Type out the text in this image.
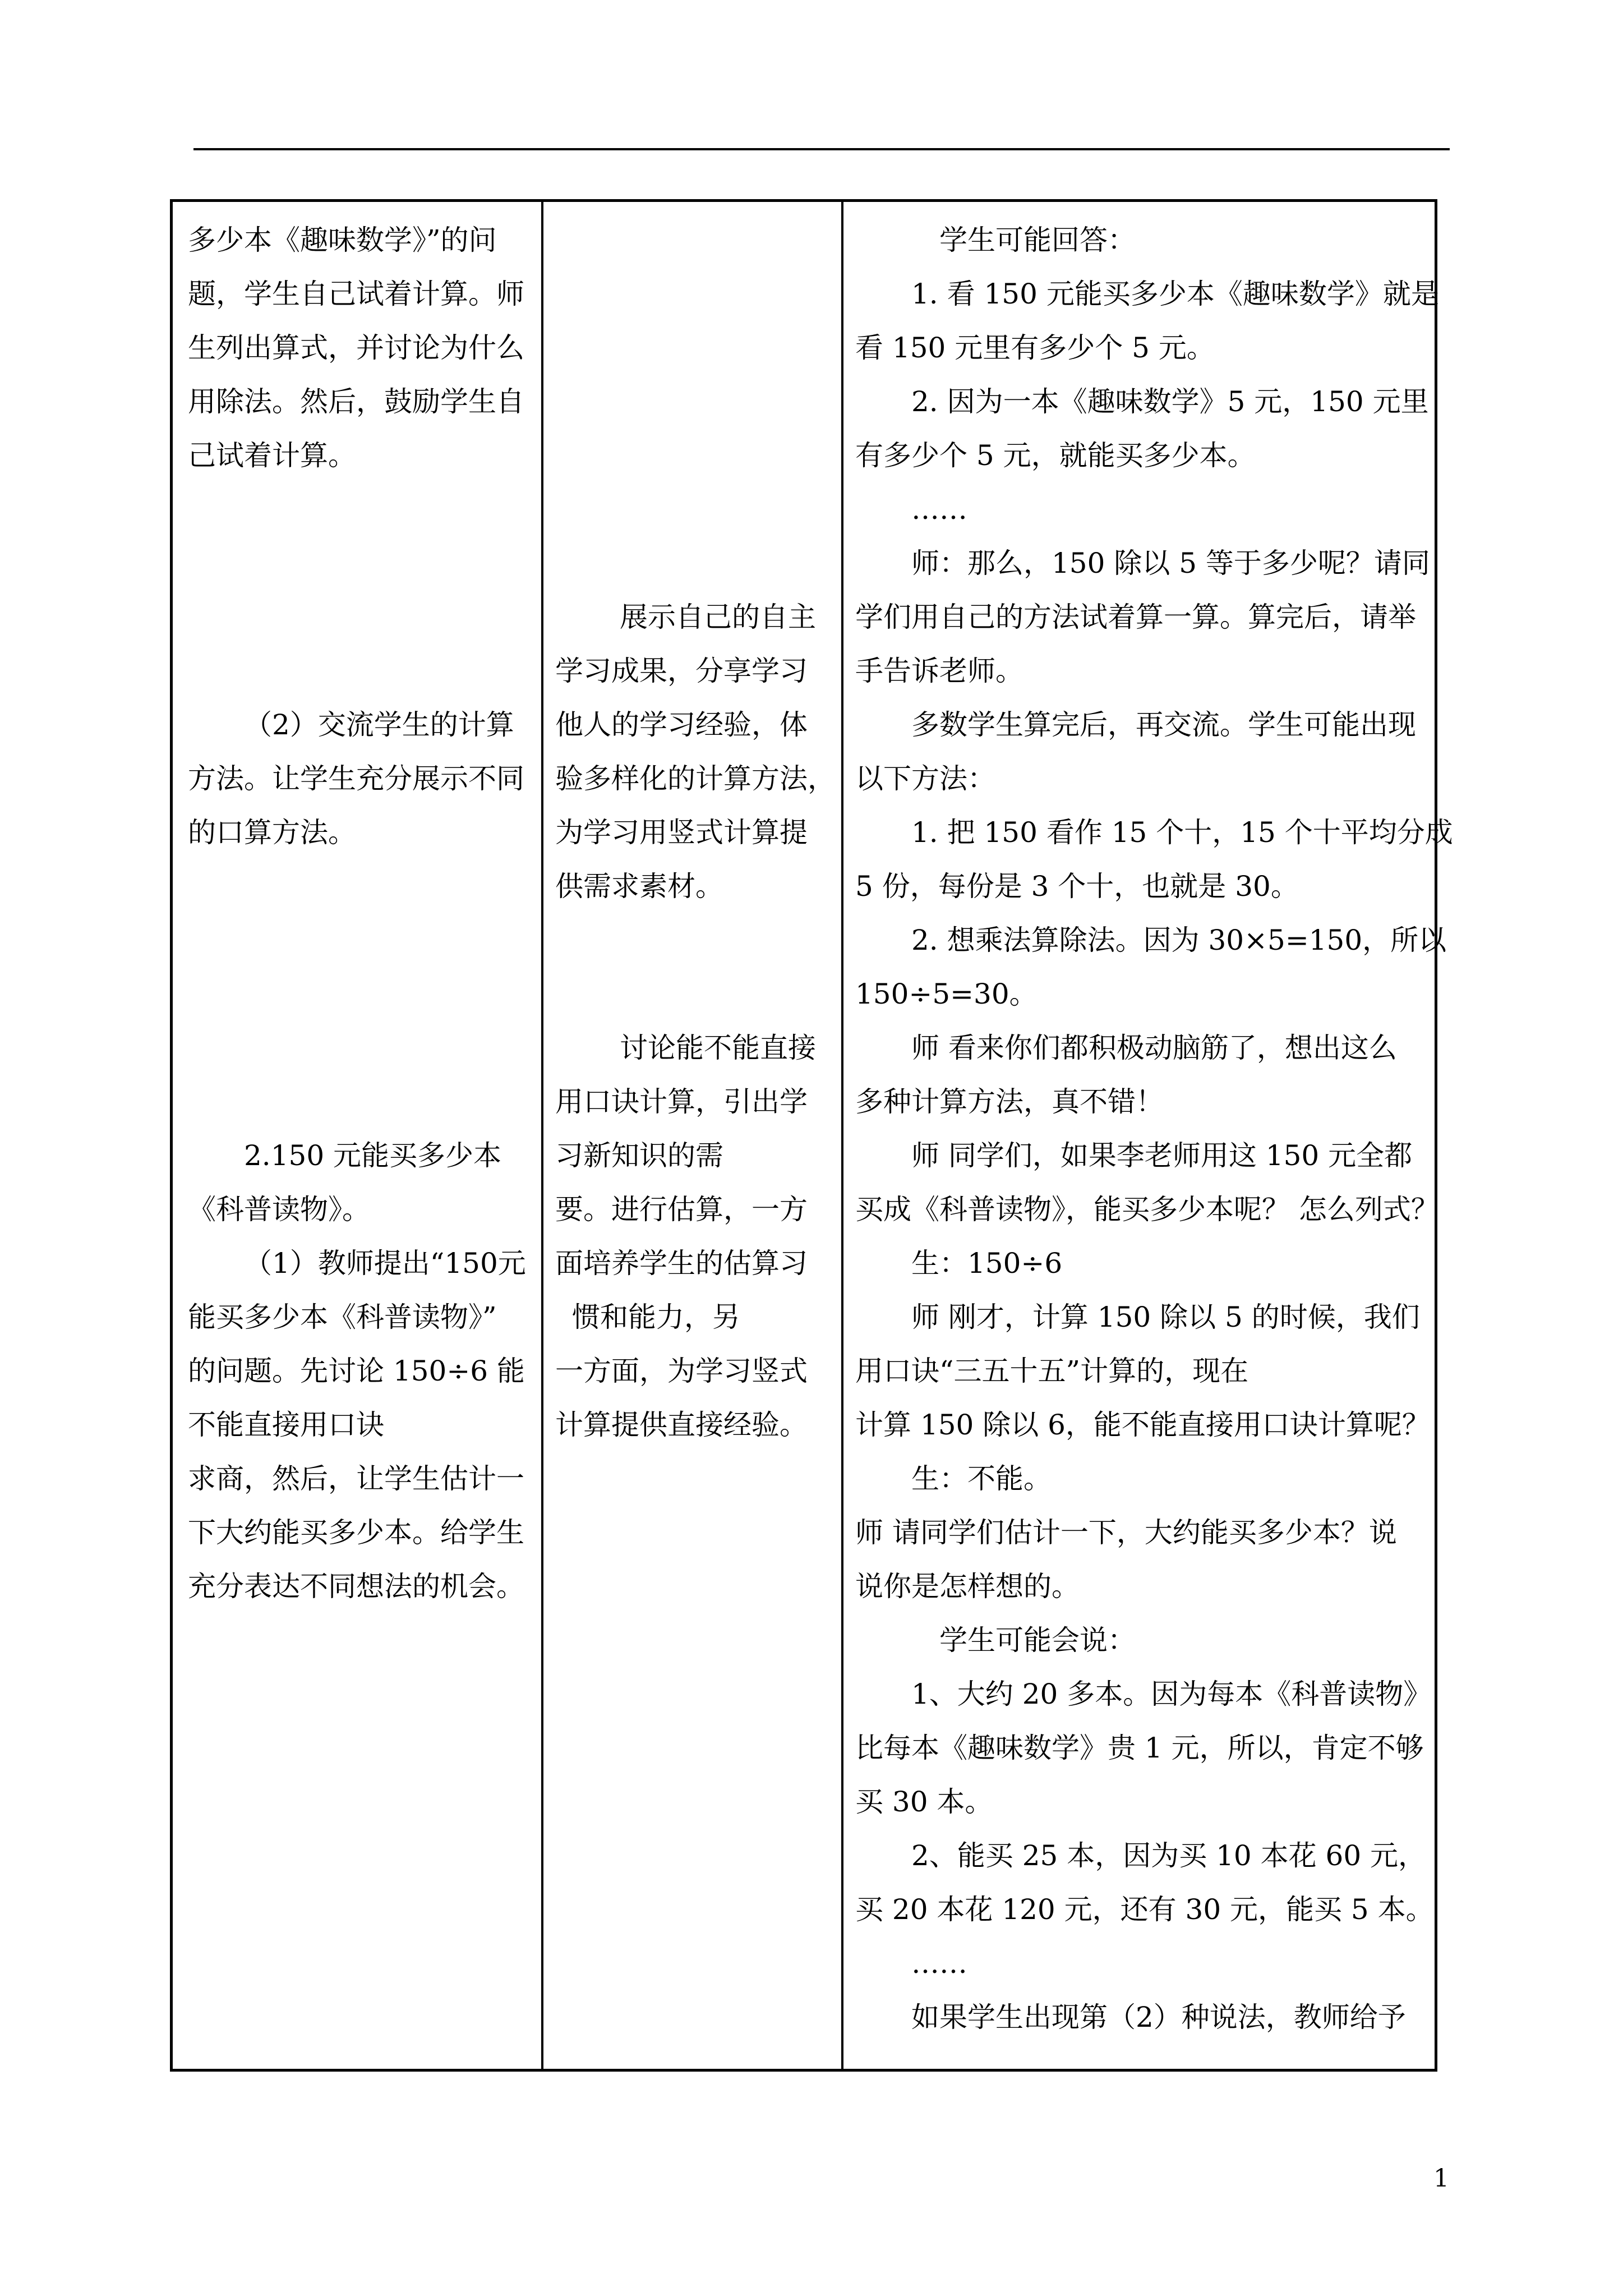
多少本《趣味数学》”的问

题，学生自己试着计算。师

生列出算式，并讨论为什么

用除法。然后，鼓励学生自

己试着计算。

（2）交流学生的计算

方法。让学生充分展示不同

的口算方法。

2.150 元能买多少本

《科普读物》。

（1）教师提出“150元

能买多少本《科普读物》”

的问题。先讨论 150÷6 能

不能直接用口诀

求商，然后，让学生估计一

下大约能买多少本。给学生

充分表达不同想法的机会。

展示自己的自主

学习成果，分享学习

他人的学习经验，体

验多样化的计算方法，

为学习用竖式计算提

供需求素材。

讨论能不能直接

用口诀计算，引出学

习新知识的需

要。进行估算，一方

面培养学生的估算习

惯和能力，另

一方面，为学习竖式

计算提供直接经验。

学生可能回答：

1. 看 150 元能买多少本《趣味数学》就是

看 150 元里有多少个 5 元。

2. 因为一本《趣味数学》5 元，150 元里

有多少个 5 元，就能买多少本。

……

师：那么，150 除以 5 等于多少呢？请同

学们用自己的方法试着算一算。算完后，请举

手告诉老师。

多数学生算完后，再交流。学生可能出现

以下方法：

1. 把 150 看作 15 个十，15 个十平均分成

5 份，每份是 3 个十，也就是 30。

2. 想乘法算除法。因为 30×5=150，所以

150÷5=30。

师 看来你们都积极动脑筋了，想出这么

多种计算方法，真不错！

师 同学们，如果李老师用这 150 元全都

买成《科普读物》，能买多少本呢？ 怎么列式？

生：150÷6

师 刚才，计算 150 除以 5 的时候，我们

用口诀“三五十五”计算的，现在

计算 150 除以 6，能不能直接用口诀计算呢？

生：不能。

师 请同学们估计一下，大约能买多少本？说

说你是怎样想的。

学生可能会说：

1、大约 20 多本。因为每本《科普读物》

比每本《趣味数学》贵 1 元，所以，肯定不够

买 30 本。

2、能买 25 本，因为买 10 本花 60 元，

买 20 本花 120 元，还有 30 元，能买 5 本。

……

如果学生出现第（2）种说法，教师给予

1
